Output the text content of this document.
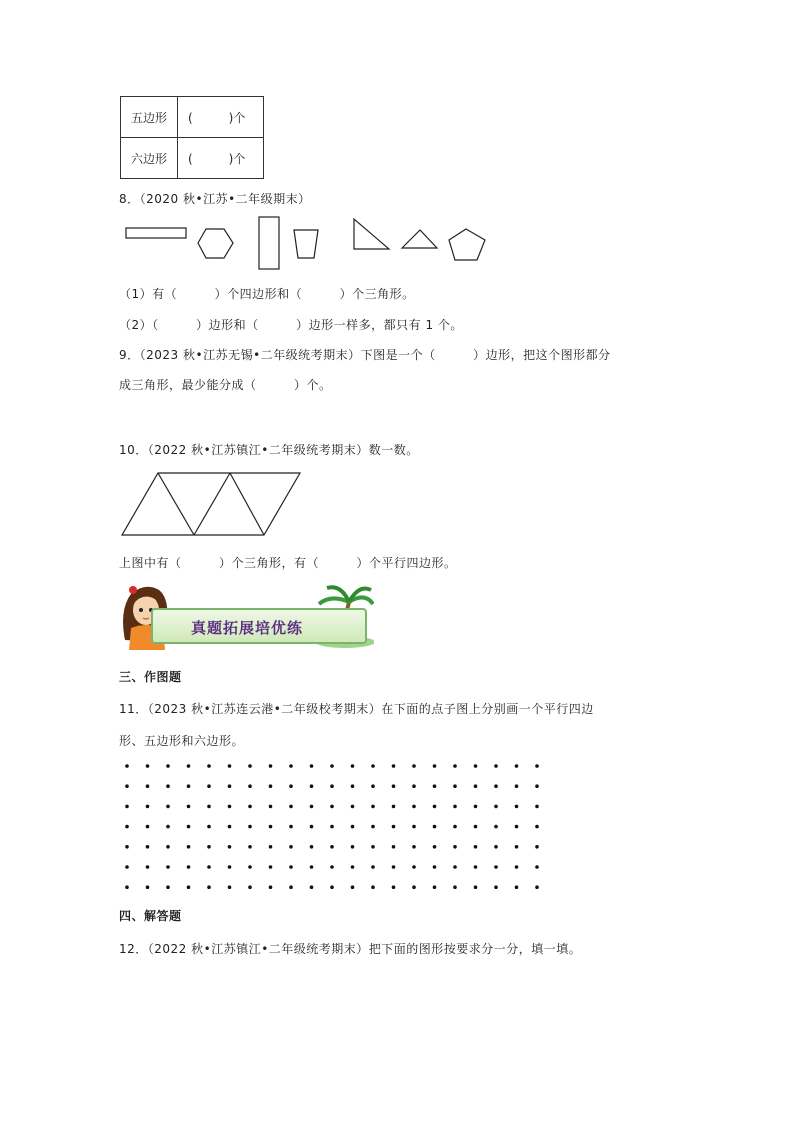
五边形	(　　　)个
六边形	(　　　)个
8．（2020 秋•江苏•二年级期末）
（1）有（　　　）个四边形和（　　　）个三角形。
（2）（　　　）边形和（　　　）边形一样多，都只有 1 个。
9．（2023 秋•江苏无锡•二年级统考期末）下图是一个（　　　）边形，把这个图形都分
成三角形，最少能分成（　　　）个。
10．（2022 秋•江苏镇江•二年级统考期末）数一数。
上图中有（　　　）个三角形，有（　　　）个平行四边形。
真题拓展培优练
三、作图题
11．（2023 秋•江苏连云港•二年级校考期末）在下面的点子图上分别画一个平行四边
形、五边形和六边形。
四、解答题
12．（2022 秋•江苏镇江•二年级统考期末）把下面的图形按要求分一分，填一填。
